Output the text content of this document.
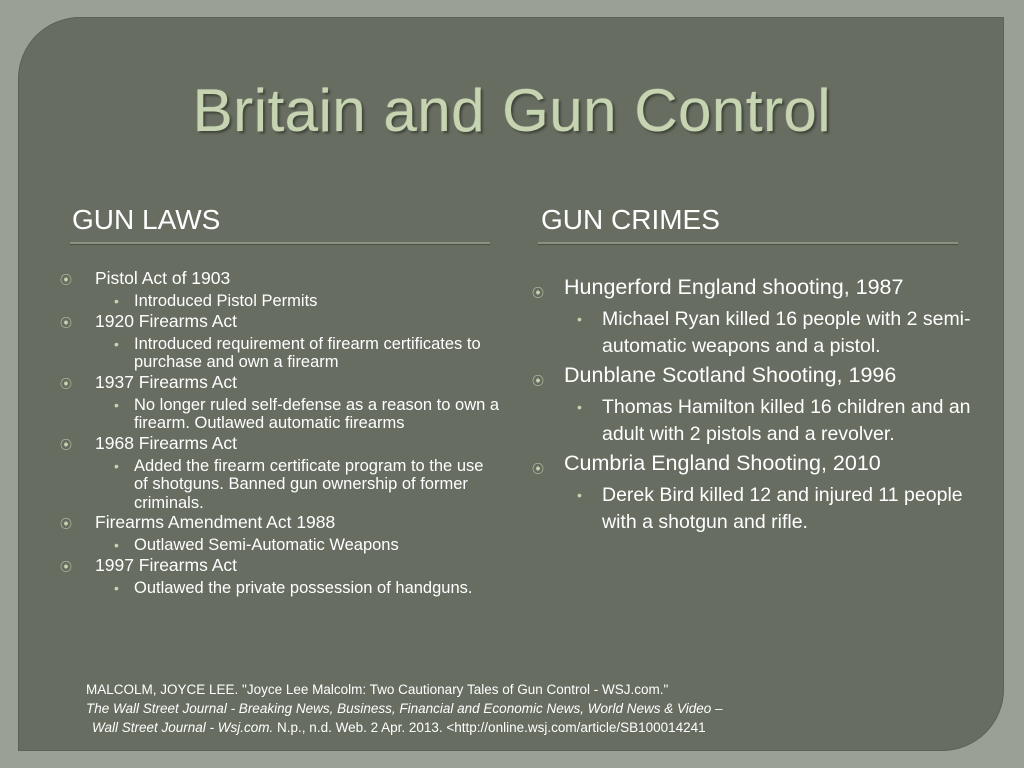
Britain and Gun Control
GUN LAWS	GUN CRIMES
⦿ Pistol Act of 1903
• Introduced Pistol Permits
⦿ 1920 Firearms Act
• Introduced requirement of firearm certificates to purchase and own a firearm
⦿ 1937 Firearms Act
• No longer ruled self-defense as a reason to own a firearm. Outlawed automatic firearms
⦿ 1968 Firearms Act
• Added the firearm certificate program to the use of shotguns. Banned gun ownership of former criminals.
⦿ Firearms Amendment Act 1988
• Outlawed Semi-Automatic Weapons
⦿ 1997 Firearms Act
• Outlawed the private possession of handguns.
⦿ Hungerford England shooting, 1987
• Michael Ryan killed 16 people with 2 semi-automatic weapons and a pistol.
⦿ Dunblane Scotland Shooting, 1996
• Thomas Hamilton killed 16 children and an adult with 2 pistols and a revolver.
⦿ Cumbria England Shooting, 2010
• Derek Bird killed 12 and injured 11 people with a shotgun and rifle.
MALCOLM, JOYCE LEE. "Joyce Lee Malcolm: Two Cautionary Tales of Gun Control - WSJ.com."
The Wall Street Journal - Breaking News, Business, Financial and Economic News, World News & Video –
Wall Street Journal - Wsj.com. N.p., n.d. Web. 2 Apr. 2013. <http://online.wsj.com/article/SB100014241
